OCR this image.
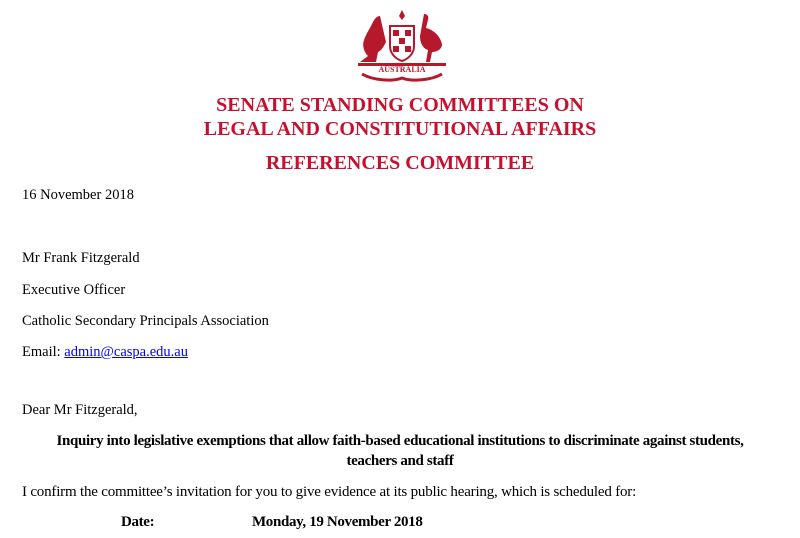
AUSTRALIA
SENATE STANDING COMMITTEES ON
LEGAL AND CONSTITUTIONAL AFFAIRS
REFERENCES COMMITTEE
16 November 2018
Mr Frank Fitzgerald
Executive Officer
Catholic Secondary Principals Association
Email: admin@caspa.edu.au
Dear Mr Fitzgerald,
Inquiry into legislative exemptions that allow faith-based educational institutions to discriminate against students,
teachers and staff
I confirm the committee’s invitation for you to give evidence at its public hearing, which is scheduled for:
Date:	Monday, 19 November 2018
